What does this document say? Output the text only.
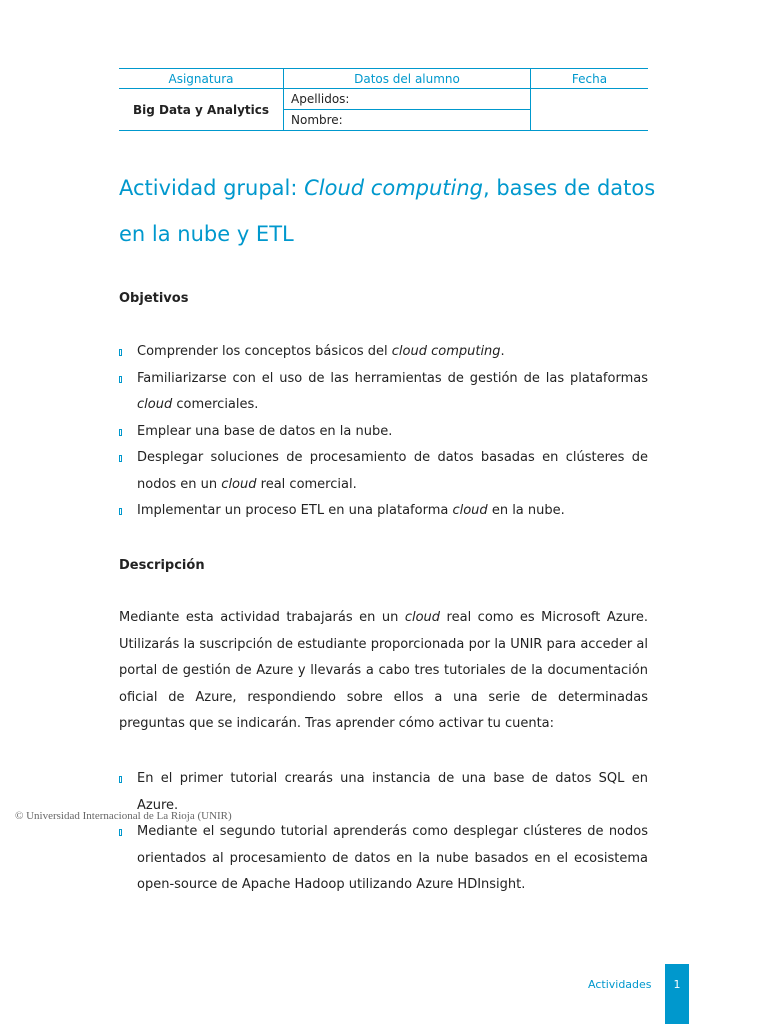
Asignatura	Datos del alumno	Fecha
Big Data y Analytics	Apellidos:	
	Nombre:	
Actividad grupal: Cloud computing, bases de datos en la nube y ETL
Objetivos
Comprender los conceptos básicos del cloud computing.
Familiarizarse con el uso de las herramientas de gestión de las plataformas cloud comerciales.
Emplear una base de datos en la nube.
Desplegar soluciones de procesamiento de datos basadas en clústeres de nodos en un cloud real comercial.
Implementar un proceso ETL en una plataforma cloud en la nube.
Descripción

Mediante esta actividad trabajarás en un cloud real como es Microsoft Azure. Utilizarás la suscripción de estudiante proporcionada por la UNIR para acceder al portal de gestión de Azure y llevarás a cabo tres tutoriales de la documentación oficial de Azure, respondiendo sobre ellos a una serie de determinadas preguntas que se indicarán. Tras aprender cómo activar tu cuenta:

En el primer tutorial crearás una instancia de una base de datos SQL en Azure.
Mediante el segundo tutorial aprenderás como desplegar clústeres de nodos orientados al procesamiento de datos en la nube basados en el ecosistema open-source de Apache Hadoop utilizando Azure HDInsight.

© Universidad Internacional de La Rioja (UNIR)

Actividades	1
